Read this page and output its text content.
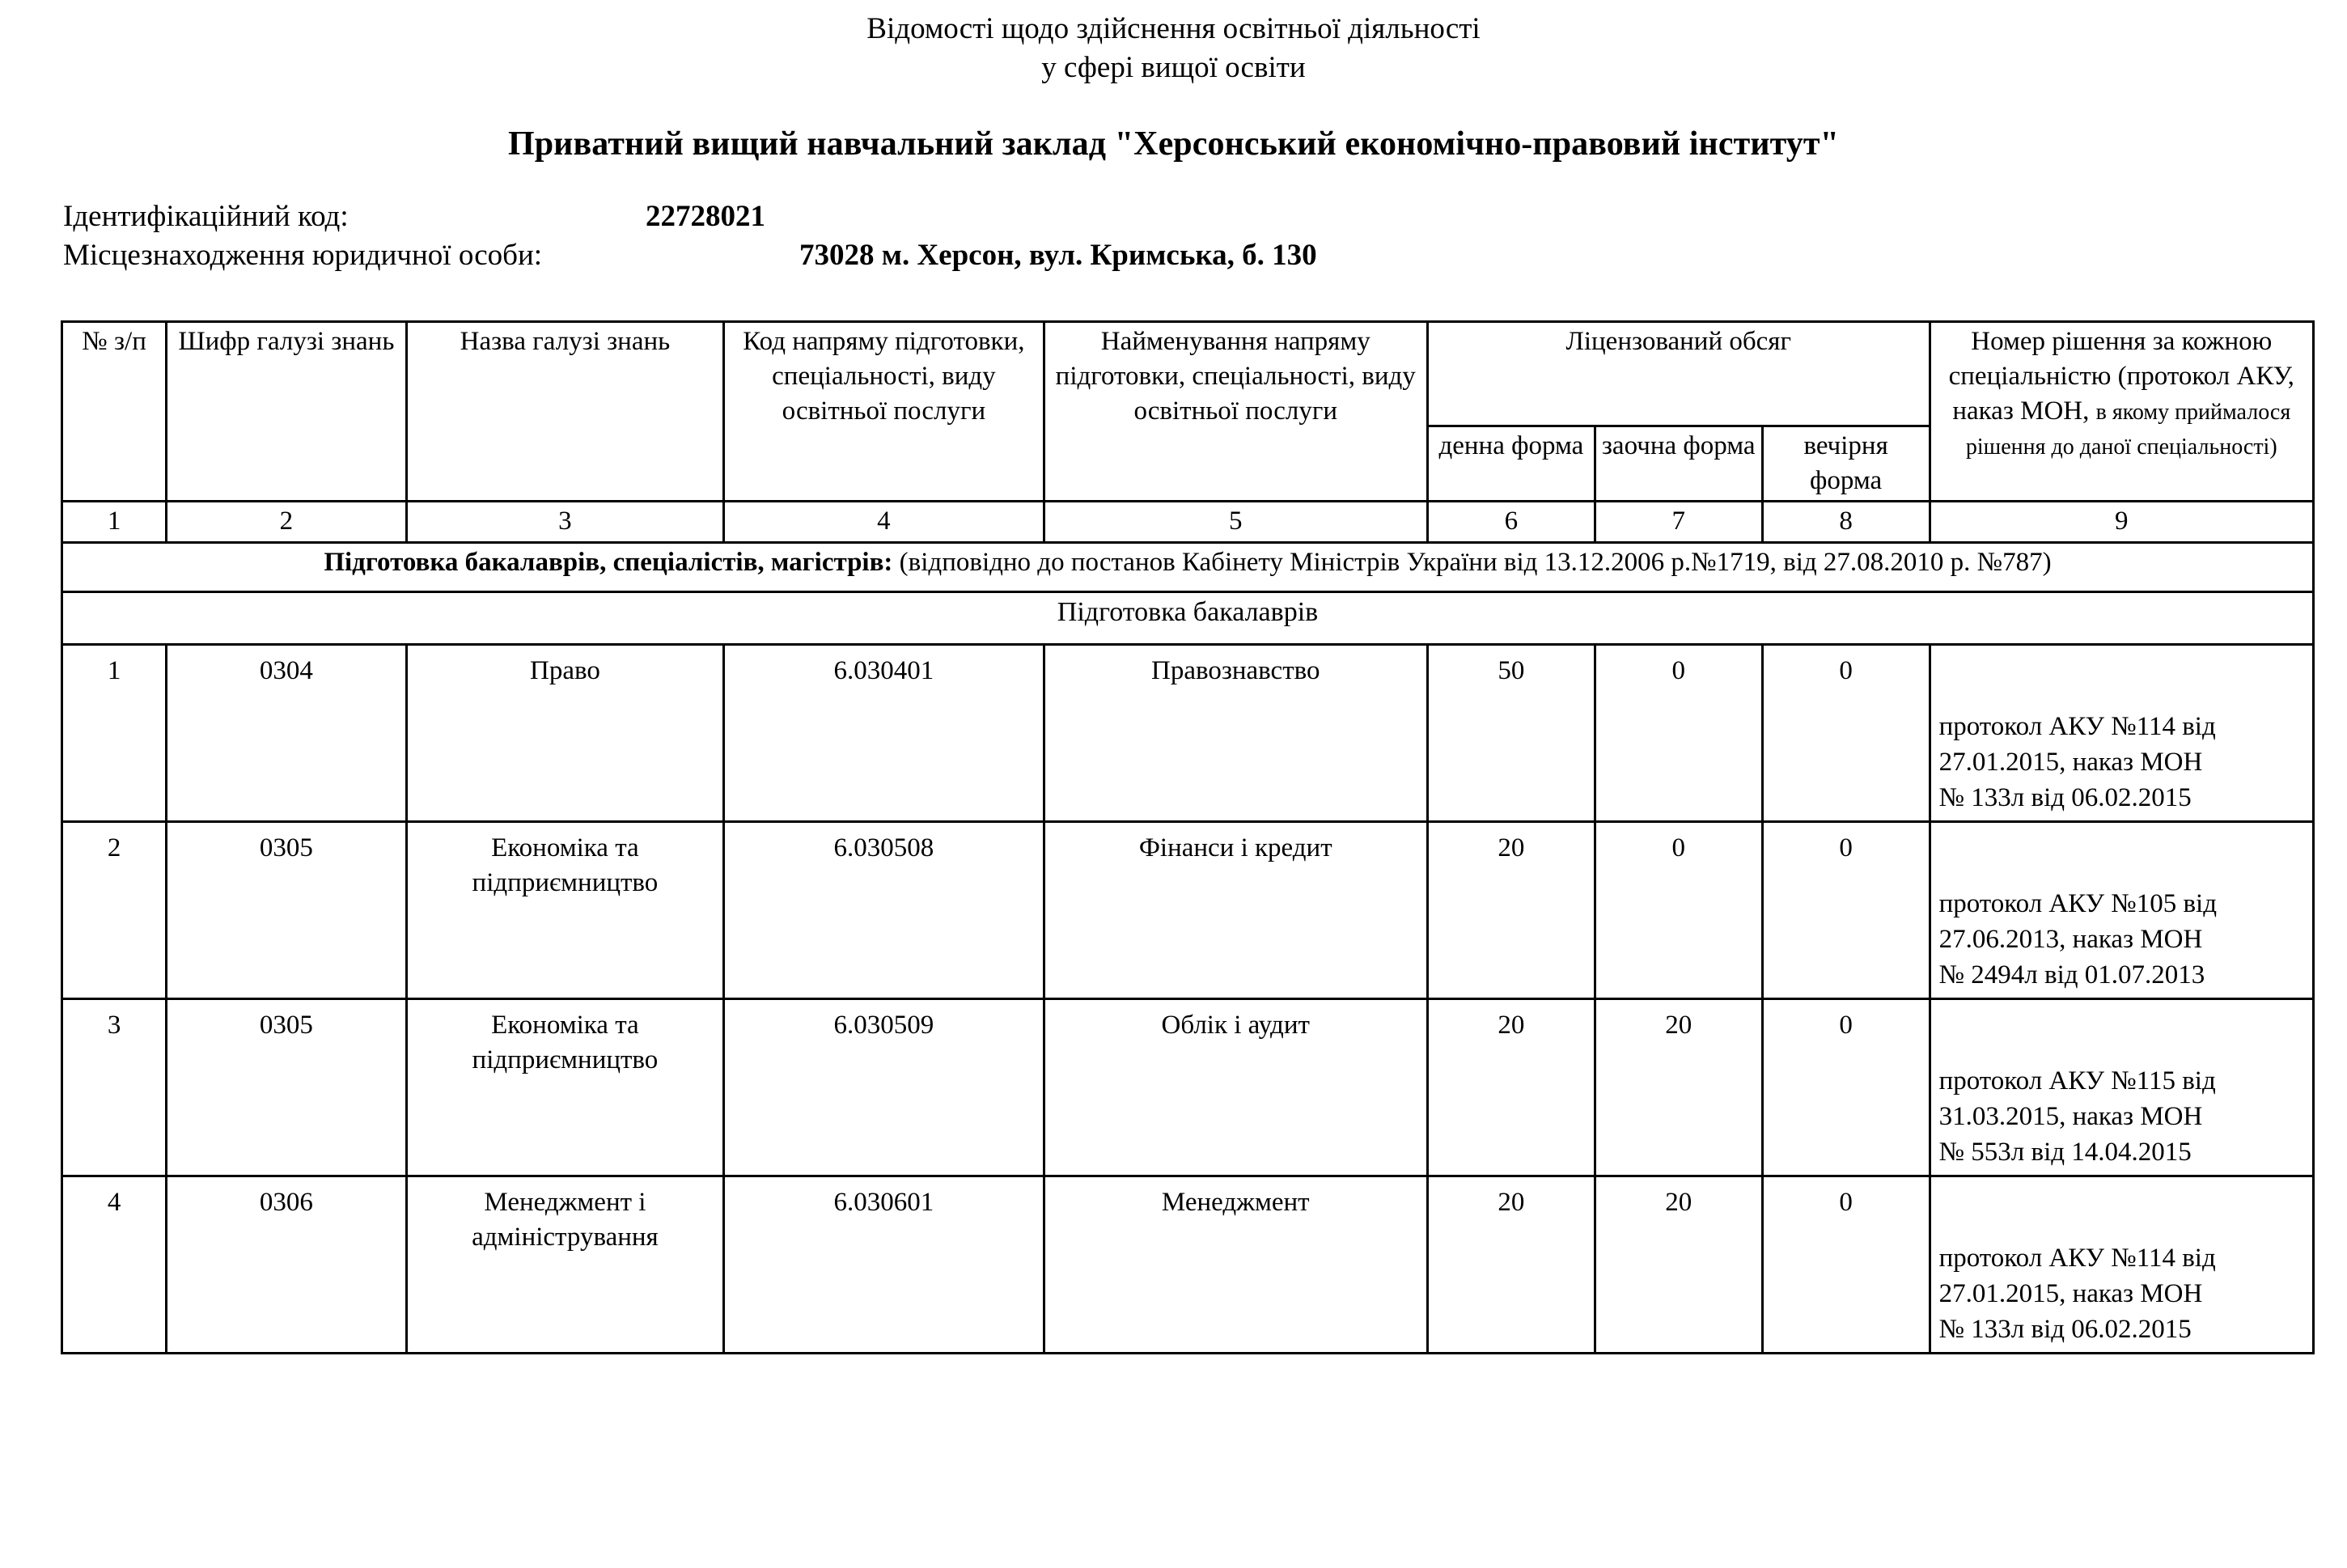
Відомості щодо здійснення освітньої діяльності
у сфері вищої освіти
Приватний вищий навчальний заклад "Херсонський економічно-правовий інститут"
Ідентифікаційний код:	22728021
Місцезнаходження юридичної особи:	73028 м. Херсон, вул. Кримська, б. 130
№ з/п	Шифр галузі знань	Назва галузі знань	Код напряму підготовки, спеціальності, виду освітньої послуги	Найменування напряму підготовки, спеціальності, виду освітньої послуги	Ліцензований обсяг			Номер рішення за кожною спеціальністю (протокол АКУ, наказ МОН, в якому приймалося рішення до даної спеціальності)
					денна форма	заочна форма	вечірня форма	
1	2	3	4	5	6	7	8	9
Підготовка бакалаврів, спеціалістів, магістрів: (відповідно до постанов Кабінету Міністрів України від 13.12.2006 р.№1719, від 27.08.2010 р. №787)								
Підготовка бакалаврів								
1	0304	Право	6.030401	Правознавство	50	0	0	протокол АКУ №114 від
27.01.2015, наказ МОН
№ 133л від 06.02.2015

2	0305	Економіка та
підприємництво	6.030508	Фінанси і кредит	20	0	0	протокол АКУ №105 від
27.06.2013, наказ МОН
№ 2494л від 01.07.2013

3	0305	Економіка та
підприємництво	6.030509	Облік і аудит	20	20	0	протокол АКУ №115 від
31.03.2015, наказ МОН
№ 553л від 14.04.2015

4	0306	Менеджмент і
адміністрування	6.030601	Менеджмент	20	20	0	протокол АКУ №114 від
27.01.2015, наказ МОН
№ 133л від 06.02.2015
